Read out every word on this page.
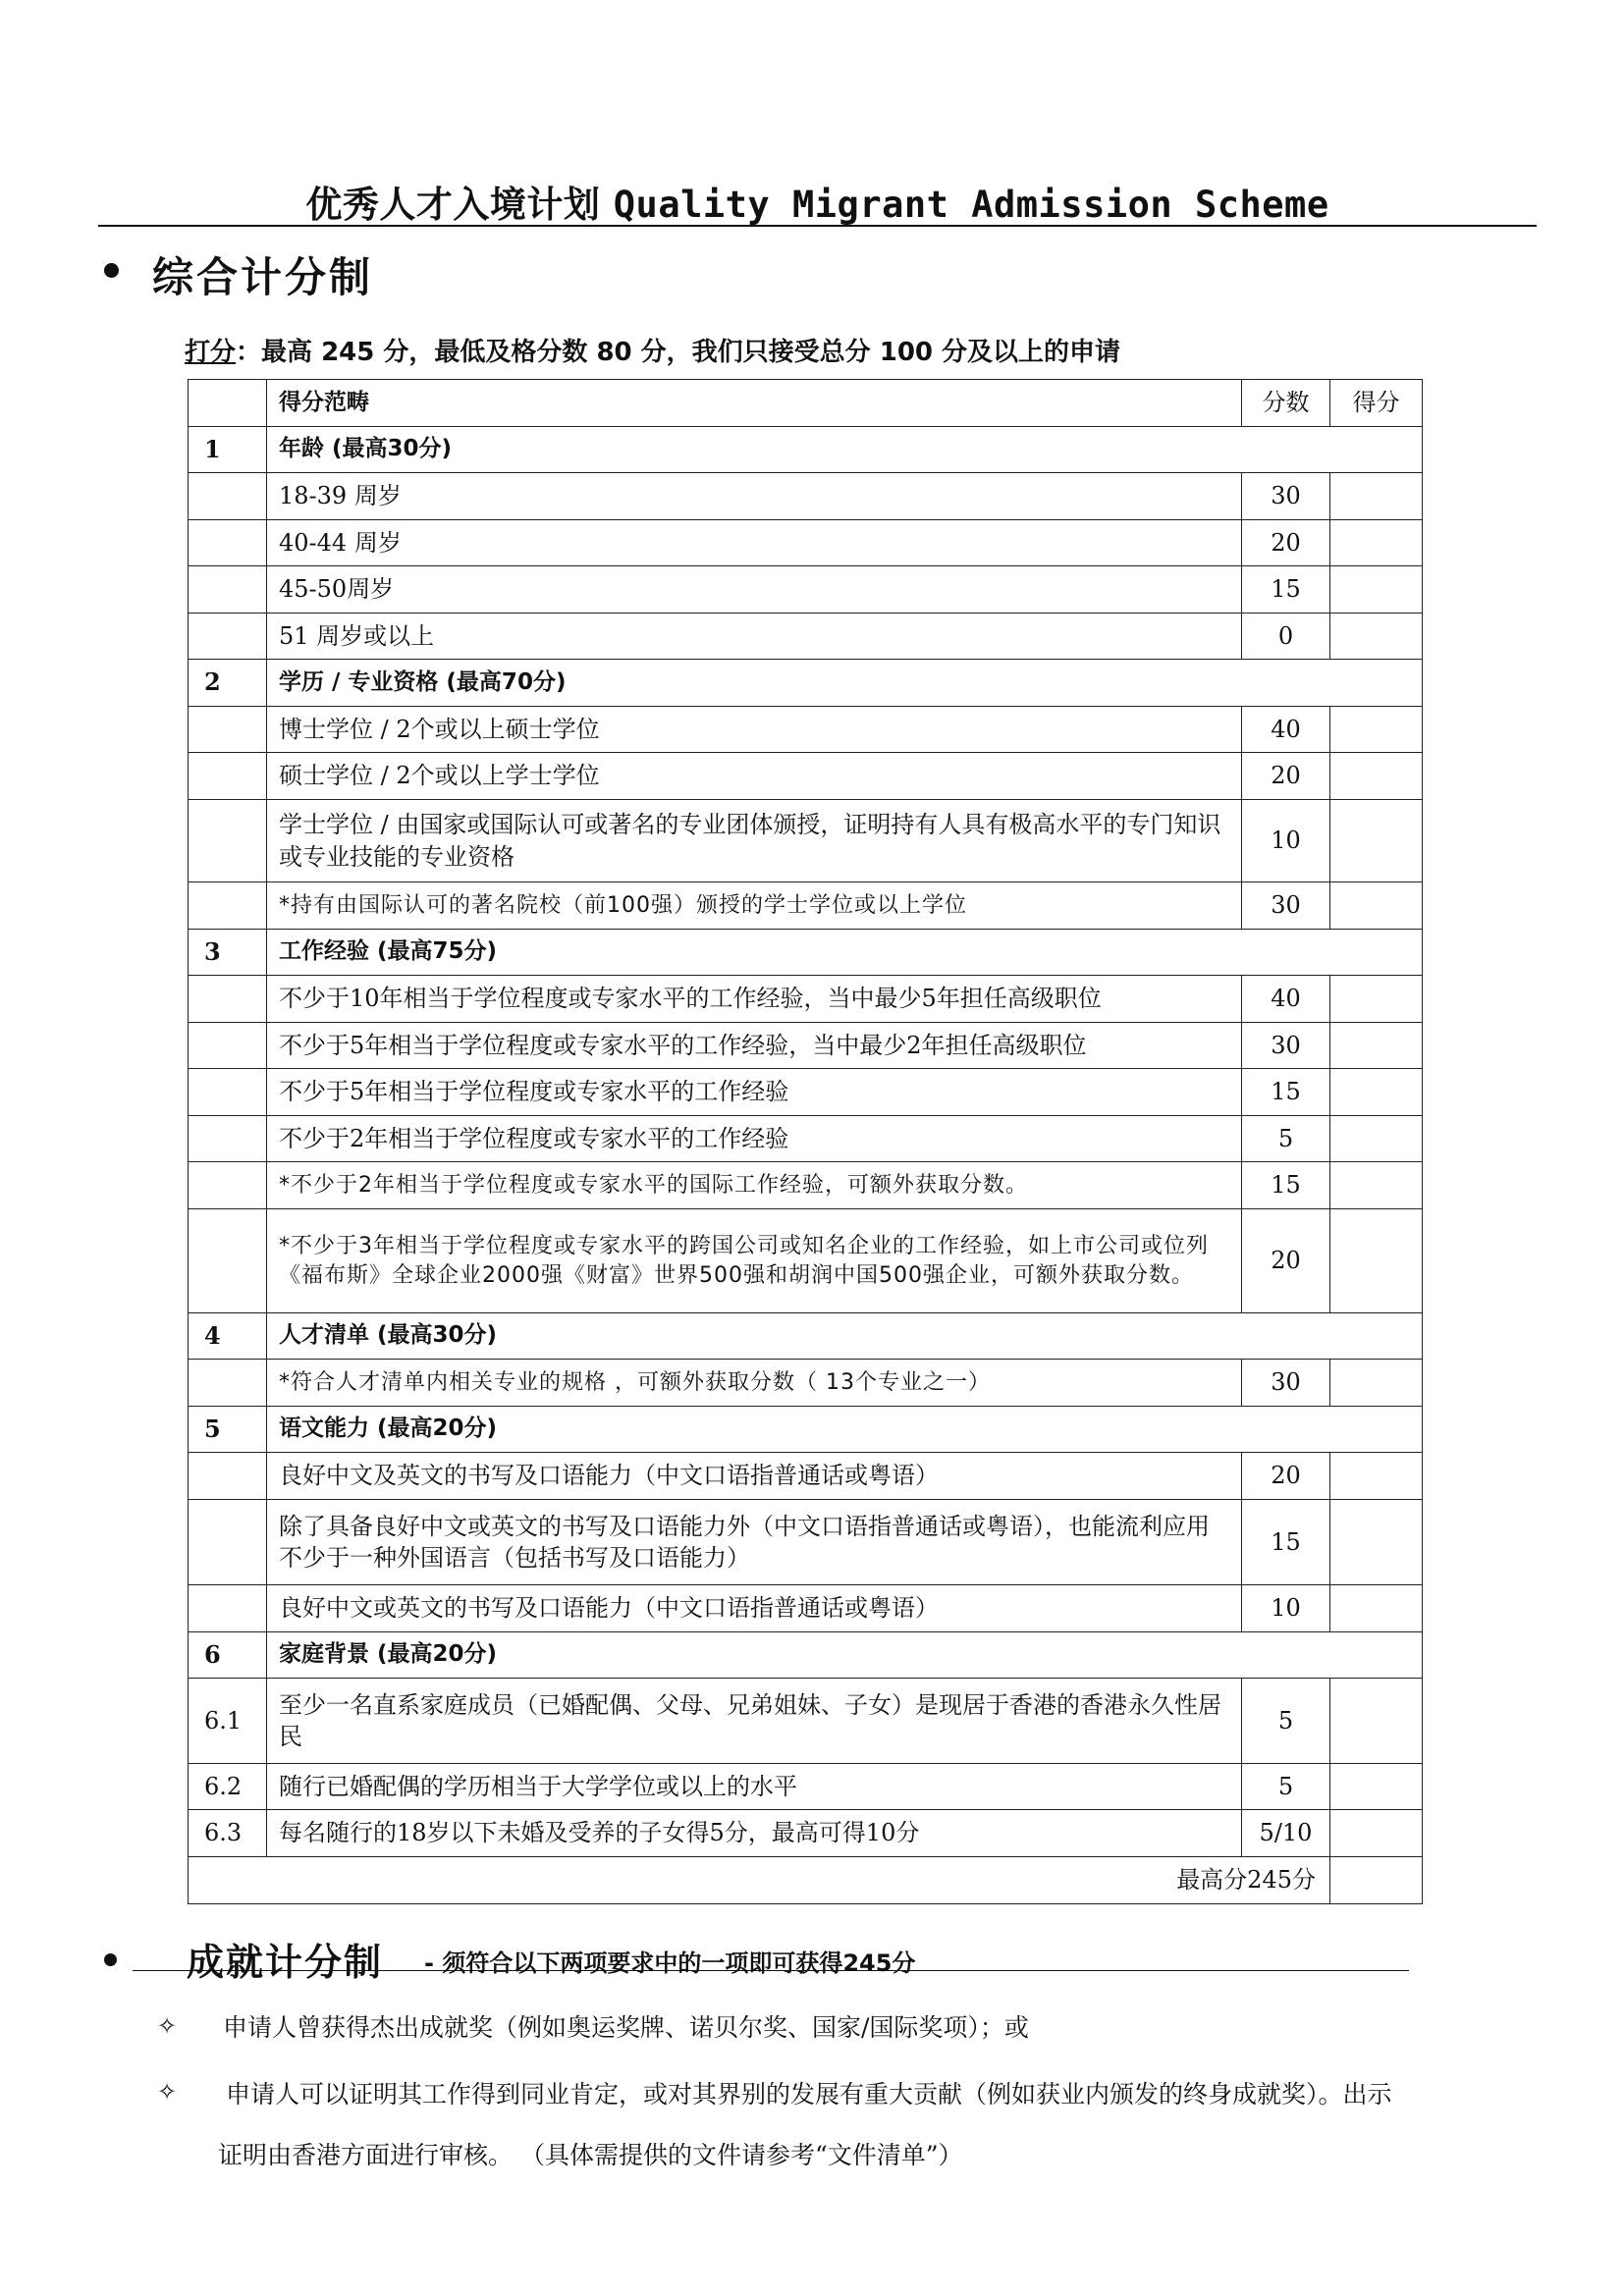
优秀人才入境计划 Quality Migrant Admission Scheme
综合计分制
打分：最高 245 分，最低及格分数 80 分，我们只接受总分 100 分及以上的申请
	得分范畴	分数	得分
1	年龄 (最高30分)		
	18-39 周岁	30	
	40-44 周岁	20	
	45-50周岁	15	
	51 周岁或以上	0	
2	学历 / 专业资格 (最高70分)		
	博士学位 / 2个或以上硕士学位	40	
	硕士学位 / 2个或以上学士学位	20	
	学士学位 / 由国家或国际认可或著名的专业团体颁授，证明持有人具有极高水平的专门知识或专业技能的专业资格	10	
	*持有由国际认可的著名院校（前100强）颁授的学士学位或以上学位	30	
3	工作经验 (最高75分)		
	不少于10年相当于学位程度或专家水平的工作经验，当中最少5年担任高级职位	40	
	不少于5年相当于学位程度或专家水平的工作经验，当中最少2年担任高级职位	30	
	不少于5年相当于学位程度或专家水平的工作经验	15	
	不少于2年相当于学位程度或专家水平的工作经验	5	
	*不少于2年相当于学位程度或专家水平的国际工作经验，可额外获取分数。	15	
	*不少于3年相当于学位程度或专家水平的跨国公司或知名企业的工作经验，如上市公司或位列《福布斯》全球企业2000强《财富》世界500强和胡润中国500强企业，可额外获取分数。	20	
4	人才清单 (最高30分)		
	*符合人才清单内相关专业的规格 ，可额外获取分数（ 13个专业之一）	30	
5	语文能力 (最高20分)		
	良好中文及英文的书写及口语能力（中文口语指普通话或粤语）	20	
	除了具备良好中文或英文的书写及口语能力外（中文口语指普通话或粤语），也能流利应用不少于一种外国语言（包括书写及口语能力）	15	
	良好中文或英文的书写及口语能力（中文口语指普通话或粤语）	10	
6	家庭背景 (最高20分)		
6.1	至少一名直系家庭成员（已婚配偶、父母、兄弟姐妹、子女）是现居于香港的香港永久性居民	5	
6.2	随行已婚配偶的学历相当于大学学位或以上的水平	5	
6.3	每名随行的18岁以下未婚及受养的子女得5分，最高可得10分	5/10	
最高分245分			
成就计分制 - 须符合以下两项要求中的一项即可获得245分
✧ 申请人曾获得杰出成就奖（例如奥运奖牌、诺贝尔奖、国家/国际奖项）；或
✧ 申请人可以证明其工作得到同业肯定，或对其界别的发展有重大贡献（例如获业内颁发的终身成就奖）。出示
证明由香港方面进行审核。 （具体需提供的文件请参考“文件清单”）
